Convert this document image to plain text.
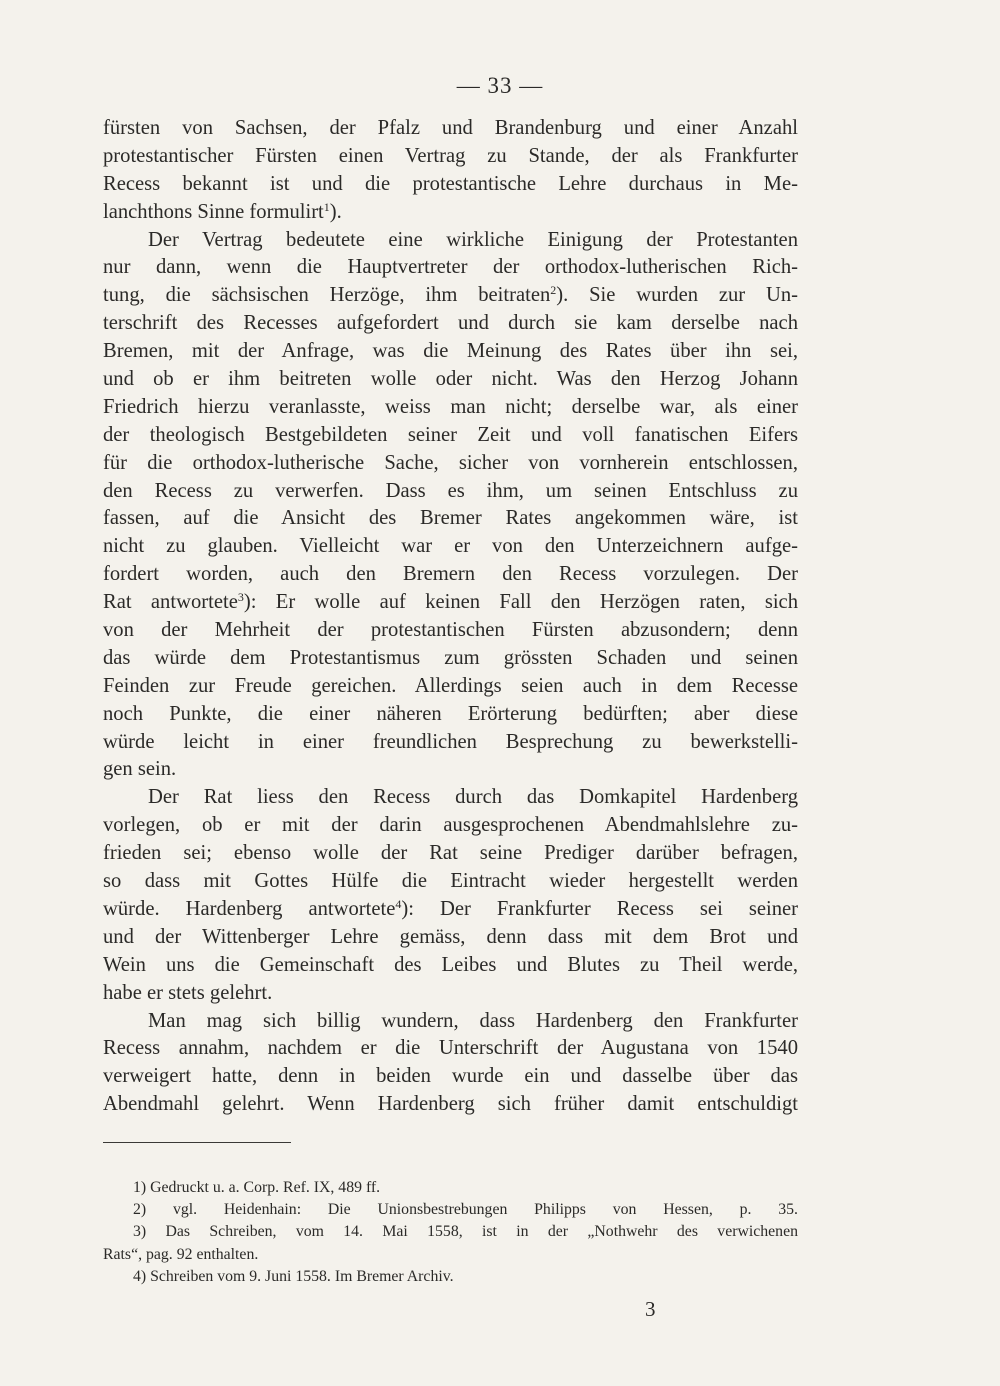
— 33 —
fürsten von Sachsen, der Pfalz und Brandenburg und einer Anzahl
protestantischer Fürsten einen Vertrag zu Stande, der als Frankfurter
Recess bekannt ist und die protestantische Lehre durchaus in Me-
lanchthons Sinne formulirt$^1$).
Der Vertrag bedeutete eine wirkliche Einigung der Protestanten
nur dann, wenn die Hauptvertreter der orthodox-lutherischen Rich-
tung, die sächsischen Herzöge, ihm beitraten$^2$). Sie wurden zur Un-
terschrift des Recesses aufgefordert und durch sie kam derselbe nach
Bremen, mit der Anfrage, was die Meinung des Rates über ihn sei,
und ob er ihm beitreten wolle oder nicht. Was den Herzog Johann
Friedrich hierzu veranlasste, weiss man nicht; derselbe war, als einer
der theologisch Bestgebildeten seiner Zeit und voll fanatischen Eifers
für die orthodox-lutherische Sache, sicher von vornherein entschlossen,
den Recess zu verwerfen. Dass es ihm, um seinen Entschluss zu
fassen, auf die Ansicht des Bremer Rates angekommen wäre, ist
nicht zu glauben. Vielleicht war er von den Unterzeichnern aufge-
fordert worden, auch den Bremern den Recess vorzulegen. Der
Rat antwortete$^3$): Er wolle auf keinen Fall den Herzögen raten, sich
von der Mehrheit der protestantischen Fürsten abzusondern; denn
das würde dem Protestantismus zum grössten Schaden und seinen
Feinden zur Freude gereichen. Allerdings seien auch in dem Recesse
noch Punkte, die einer näheren Erörterung bedürften; aber diese
würde leicht in einer freundlichen Besprechung zu bewerkstelli-
gen sein.
Der Rat liess den Recess durch das Domkapitel Hardenberg
vorlegen, ob er mit der darin ausgesprochenen Abendmahlslehre zu-
frieden sei; ebenso wolle der Rat seine Prediger darüber befragen,
so dass mit Gottes Hülfe die Eintracht wieder hergestellt werden
würde. Hardenberg antwortete$^4$): Der Frankfurter Recess sei seiner
und der Wittenberger Lehre gemäss, denn dass mit dem Brot und
Wein uns die Gemeinschaft des Leibes und Blutes zu Theil werde,
habe er stets gelehrt.
Man mag sich billig wundern, dass Hardenberg den Frankfurter
Recess annahm, nachdem er die Unterschrift der Augustana von 1540
verweigert hatte, denn in beiden wurde ein und dasselbe über das
Abendmahl gelehrt. Wenn Hardenberg sich früher damit entschuldigt
1) Gedruckt u. a. Corp. Ref. IX, 489 ff.
2) vgl. Heidenhain: Die Unionsbestrebungen Philipps von Hessen, p. 35.
3) Das Schreiben, vom 14. Mai 1558, ist in der „Nothwehr des verwichenen
Rats“, pag. 92 enthalten.
4) Schreiben vom 9. Juni 1558. Im Bremer Archiv.
3
